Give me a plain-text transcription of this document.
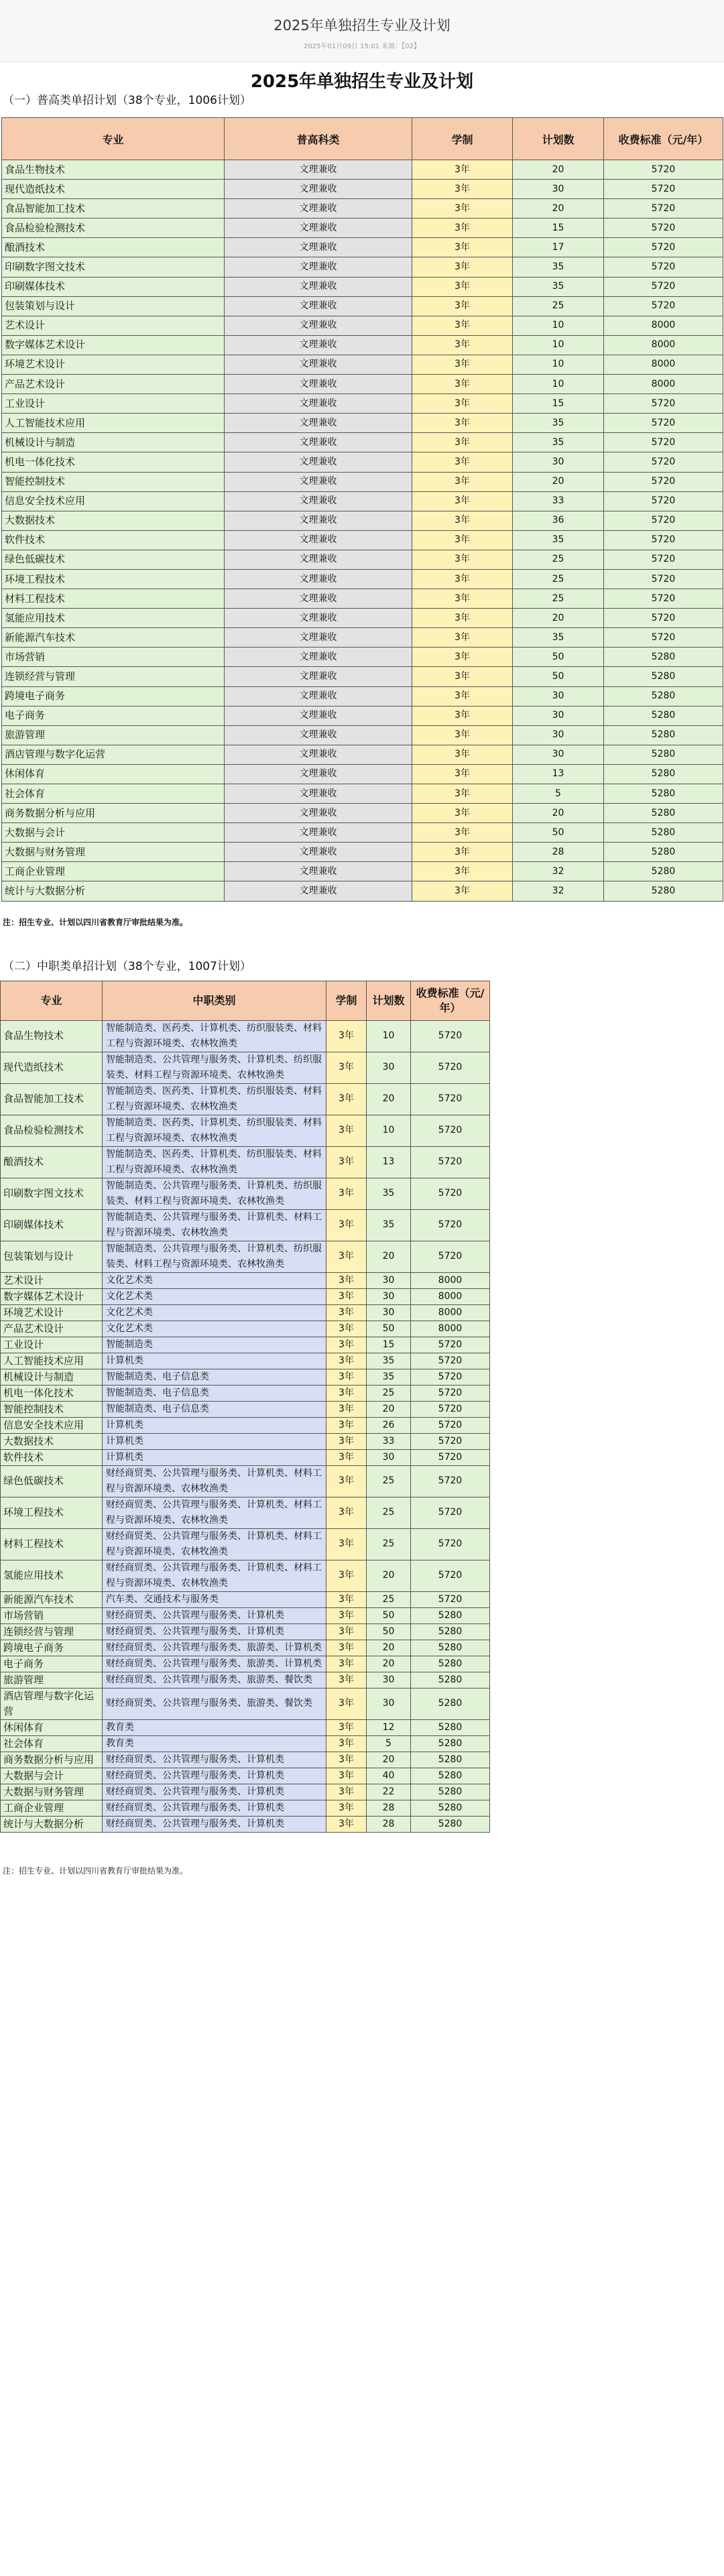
2025年单独招生专业及计划
2025年01月09日 15:01 来源：【02】
2025年单独招生专业及计划
（一）普高类单招计划（38个专业，1006计划）
专业	普高科类	学制	计划数	收费标准（元/年）
食品生物技术	文理兼收	3年	20	5720
现代造纸技术	文理兼收	3年	30	5720
食品智能加工技术	文理兼收	3年	20	5720
食品检验检测技术	文理兼收	3年	15	5720
酿酒技术	文理兼收	3年	17	5720
印刷数字图文技术	文理兼收	3年	35	5720
印刷媒体技术	文理兼收	3年	35	5720
包装策划与设计	文理兼收	3年	25	5720
艺术设计	文理兼收	3年	10	8000
数字媒体艺术设计	文理兼收	3年	10	8000
环境艺术设计	文理兼收	3年	10	8000
产品艺术设计	文理兼收	3年	10	8000
工业设计	文理兼收	3年	15	5720
人工智能技术应用	文理兼收	3年	35	5720
机械设计与制造	文理兼收	3年	35	5720
机电一体化技术	文理兼收	3年	30	5720
智能控制技术	文理兼收	3年	20	5720
信息安全技术应用	文理兼收	3年	33	5720
大数据技术	文理兼收	3年	36	5720
软件技术	文理兼收	3年	35	5720
绿色低碳技术	文理兼收	3年	25	5720
环境工程技术	文理兼收	3年	25	5720
材料工程技术	文理兼收	3年	25	5720
氢能应用技术	文理兼收	3年	20	5720
新能源汽车技术	文理兼收	3年	35	5720
市场营销	文理兼收	3年	50	5280
连锁经营与管理	文理兼收	3年	50	5280
跨境电子商务	文理兼收	3年	30	5280
电子商务	文理兼收	3年	30	5280
旅游管理	文理兼收	3年	30	5280
酒店管理与数字化运营	文理兼收	3年	30	5280
休闲体育	文理兼收	3年	13	5280
社会体育	文理兼收	3年	5	5280
商务数据分析与应用	文理兼收	3年	20	5280
大数据与会计	文理兼收	3年	50	5280
大数据与财务管理	文理兼收	3年	28	5280
工商企业管理	文理兼收	3年	32	5280
统计与大数据分析	文理兼收	3年	32	5280
注：招生专业、计划以四川省教育厅审批结果为准。
（二）中职类单招计划（38个专业，1007计划）
专业	中职类别	学制	计划数	收费标准（元/年）
食品生物技术	智能制造类、医药类、计算机类、纺织服装类、材料工程与资源环境类、农林牧渔类	3年	10	5720
现代造纸技术	智能制造类、公共管理与服务类、计算机类、纺织服装类、材料工程与资源环境类、农林牧渔类	3年	30	5720
食品智能加工技术	智能制造类、医药类、计算机类、纺织服装类、材料工程与资源环境类、农林牧渔类	3年	20	5720
食品检验检测技术	智能制造类、医药类、计算机类、纺织服装类、材料工程与资源环境类、农林牧渔类	3年	10	5720
酿酒技术	智能制造类、医药类、计算机类、纺织服装类、材料工程与资源环境类、农林牧渔类	3年	13	5720
印刷数字图文技术	智能制造类、公共管理与服务类、计算机类、纺织服装类、材料工程与资源环境类、农林牧渔类	3年	35	5720
印刷媒体技术	智能制造类、公共管理与服务类、计算机类、材料工程与资源环境类、农林牧渔类	3年	35	5720
包装策划与设计	智能制造类、公共管理与服务类、计算机类、纺织服装类、材料工程与资源环境类、农林牧渔类	3年	20	5720
艺术设计	文化艺术类	3年	30	8000
数字媒体艺术设计	文化艺术类	3年	30	8000
环境艺术设计	文化艺术类	3年	30	8000
产品艺术设计	文化艺术类	3年	50	8000
工业设计	智能制造类	3年	15	5720
人工智能技术应用	计算机类	3年	35	5720
机械设计与制造	智能制造类、电子信息类	3年	35	5720
机电一体化技术	智能制造类、电子信息类	3年	25	5720
智能控制技术	智能制造类、电子信息类	3年	20	5720
信息安全技术应用	计算机类	3年	26	5720
大数据技术	计算机类	3年	33	5720
软件技术	计算机类	3年	30	5720
绿色低碳技术	财经商贸类、公共管理与服务类、计算机类、材料工程与资源环境类、农林牧渔类	3年	25	5720
环境工程技术	财经商贸类、公共管理与服务类、计算机类、材料工程与资源环境类、农林牧渔类	3年	25	5720
材料工程技术	财经商贸类、公共管理与服务类、计算机类、材料工程与资源环境类、农林牧渔类	3年	25	5720
氢能应用技术	财经商贸类、公共管理与服务类、计算机类、材料工程与资源环境类、农林牧渔类	3年	20	5720
新能源汽车技术	汽车类、交通技术与服务类	3年	25	5720
市场营销	财经商贸类、公共管理与服务类、计算机类	3年	50	5280
连锁经营与管理	财经商贸类、公共管理与服务类、计算机类	3年	50	5280
跨境电子商务	财经商贸类、公共管理与服务类、旅游类、计算机类	3年	20	5280
电子商务	财经商贸类、公共管理与服务类、旅游类、计算机类	3年	20	5280
旅游管理	财经商贸类、公共管理与服务类、旅游类、餐饮类	3年	30	5280
酒店管理与数字化运营	财经商贸类、公共管理与服务类、旅游类、餐饮类	3年	30	5280
休闲体育	教育类	3年	12	5280
社会体育	教育类	3年	5	5280
商务数据分析与应用	财经商贸类、公共管理与服务类、计算机类	3年	20	5280
大数据与会计	财经商贸类、公共管理与服务类、计算机类	3年	40	5280
大数据与财务管理	财经商贸类、公共管理与服务类、计算机类	3年	22	5280
工商企业管理	财经商贸类、公共管理与服务类、计算机类	3年	28	5280
统计与大数据分析	财经商贸类、公共管理与服务类、计算机类	3年	28	5280
注：招生专业、计划以四川省教育厅审批结果为准。
